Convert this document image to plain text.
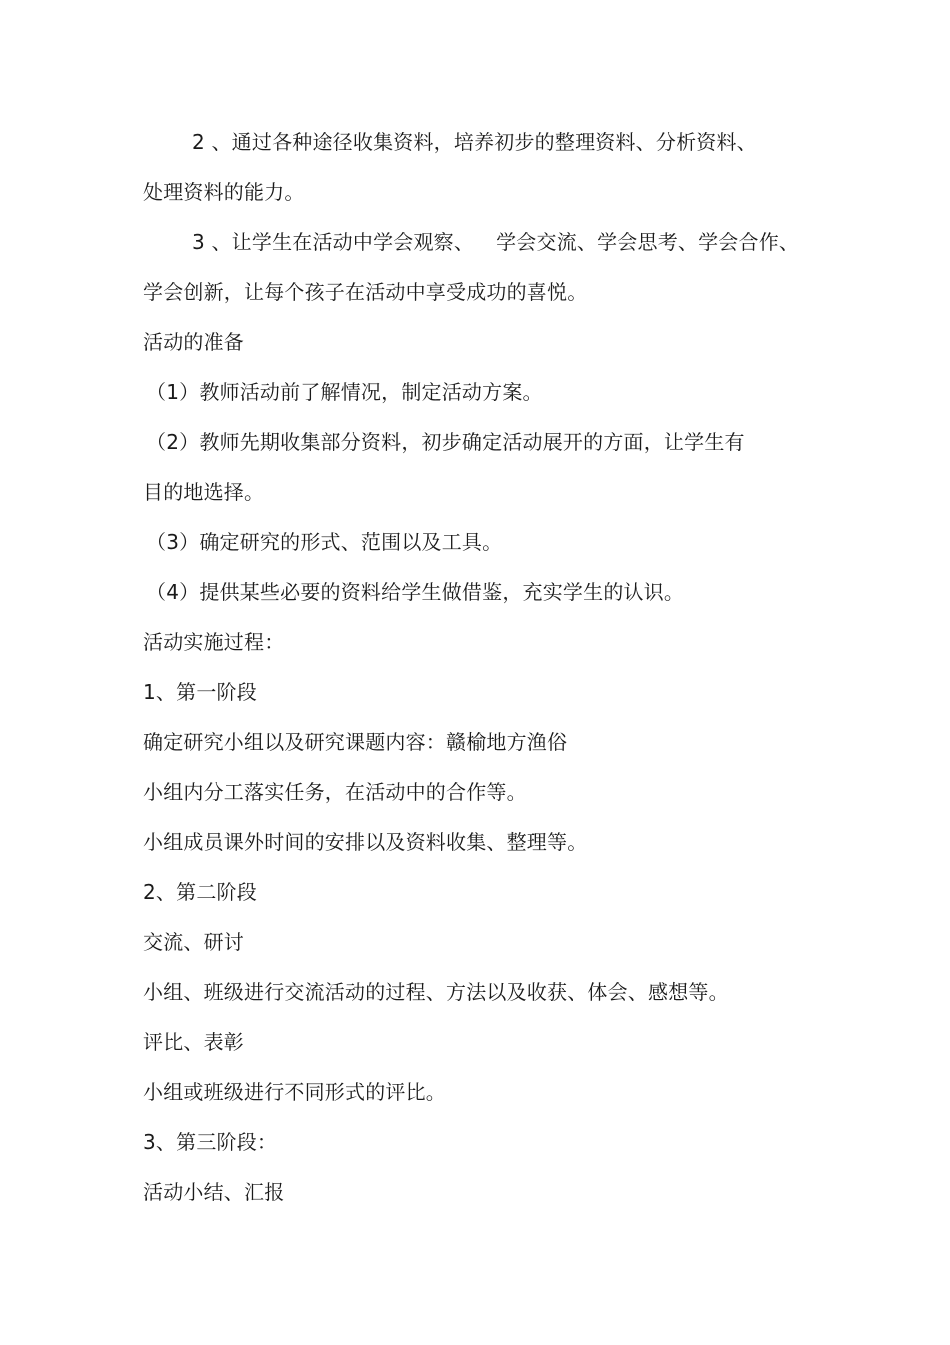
2 、通过各种途径收集资料，培养初步的整理资料、分析资料、
处理资料的能力。
3 、让学生在活动中学会观察、 学会交流、学会思考、学会合作、
学会创新，让每个孩子在活动中享受成功的喜悦。
活动的准备
（1）教师活动前了解情况，制定活动方案。
（2）教师先期收集部分资料，初步确定活动展开的方面，让学生有
目的地选择。
（3）确定研究的形式、范围以及工具。
（4）提供某些必要的资料给学生做借鉴，充实学生的认识。
活动实施过程：
1、第一阶段
确定研究小组以及研究课题内容：赣榆地方渔俗
小组内分工落实任务，在活动中的合作等。
小组成员课外时间的安排以及资料收集、整理等。
2、第二阶段
交流、研讨
小组、班级进行交流活动的过程、方法以及收获、体会、感想等。
评比、表彰
小组或班级进行不同形式的评比。
3、第三阶段：
活动小结、汇报
